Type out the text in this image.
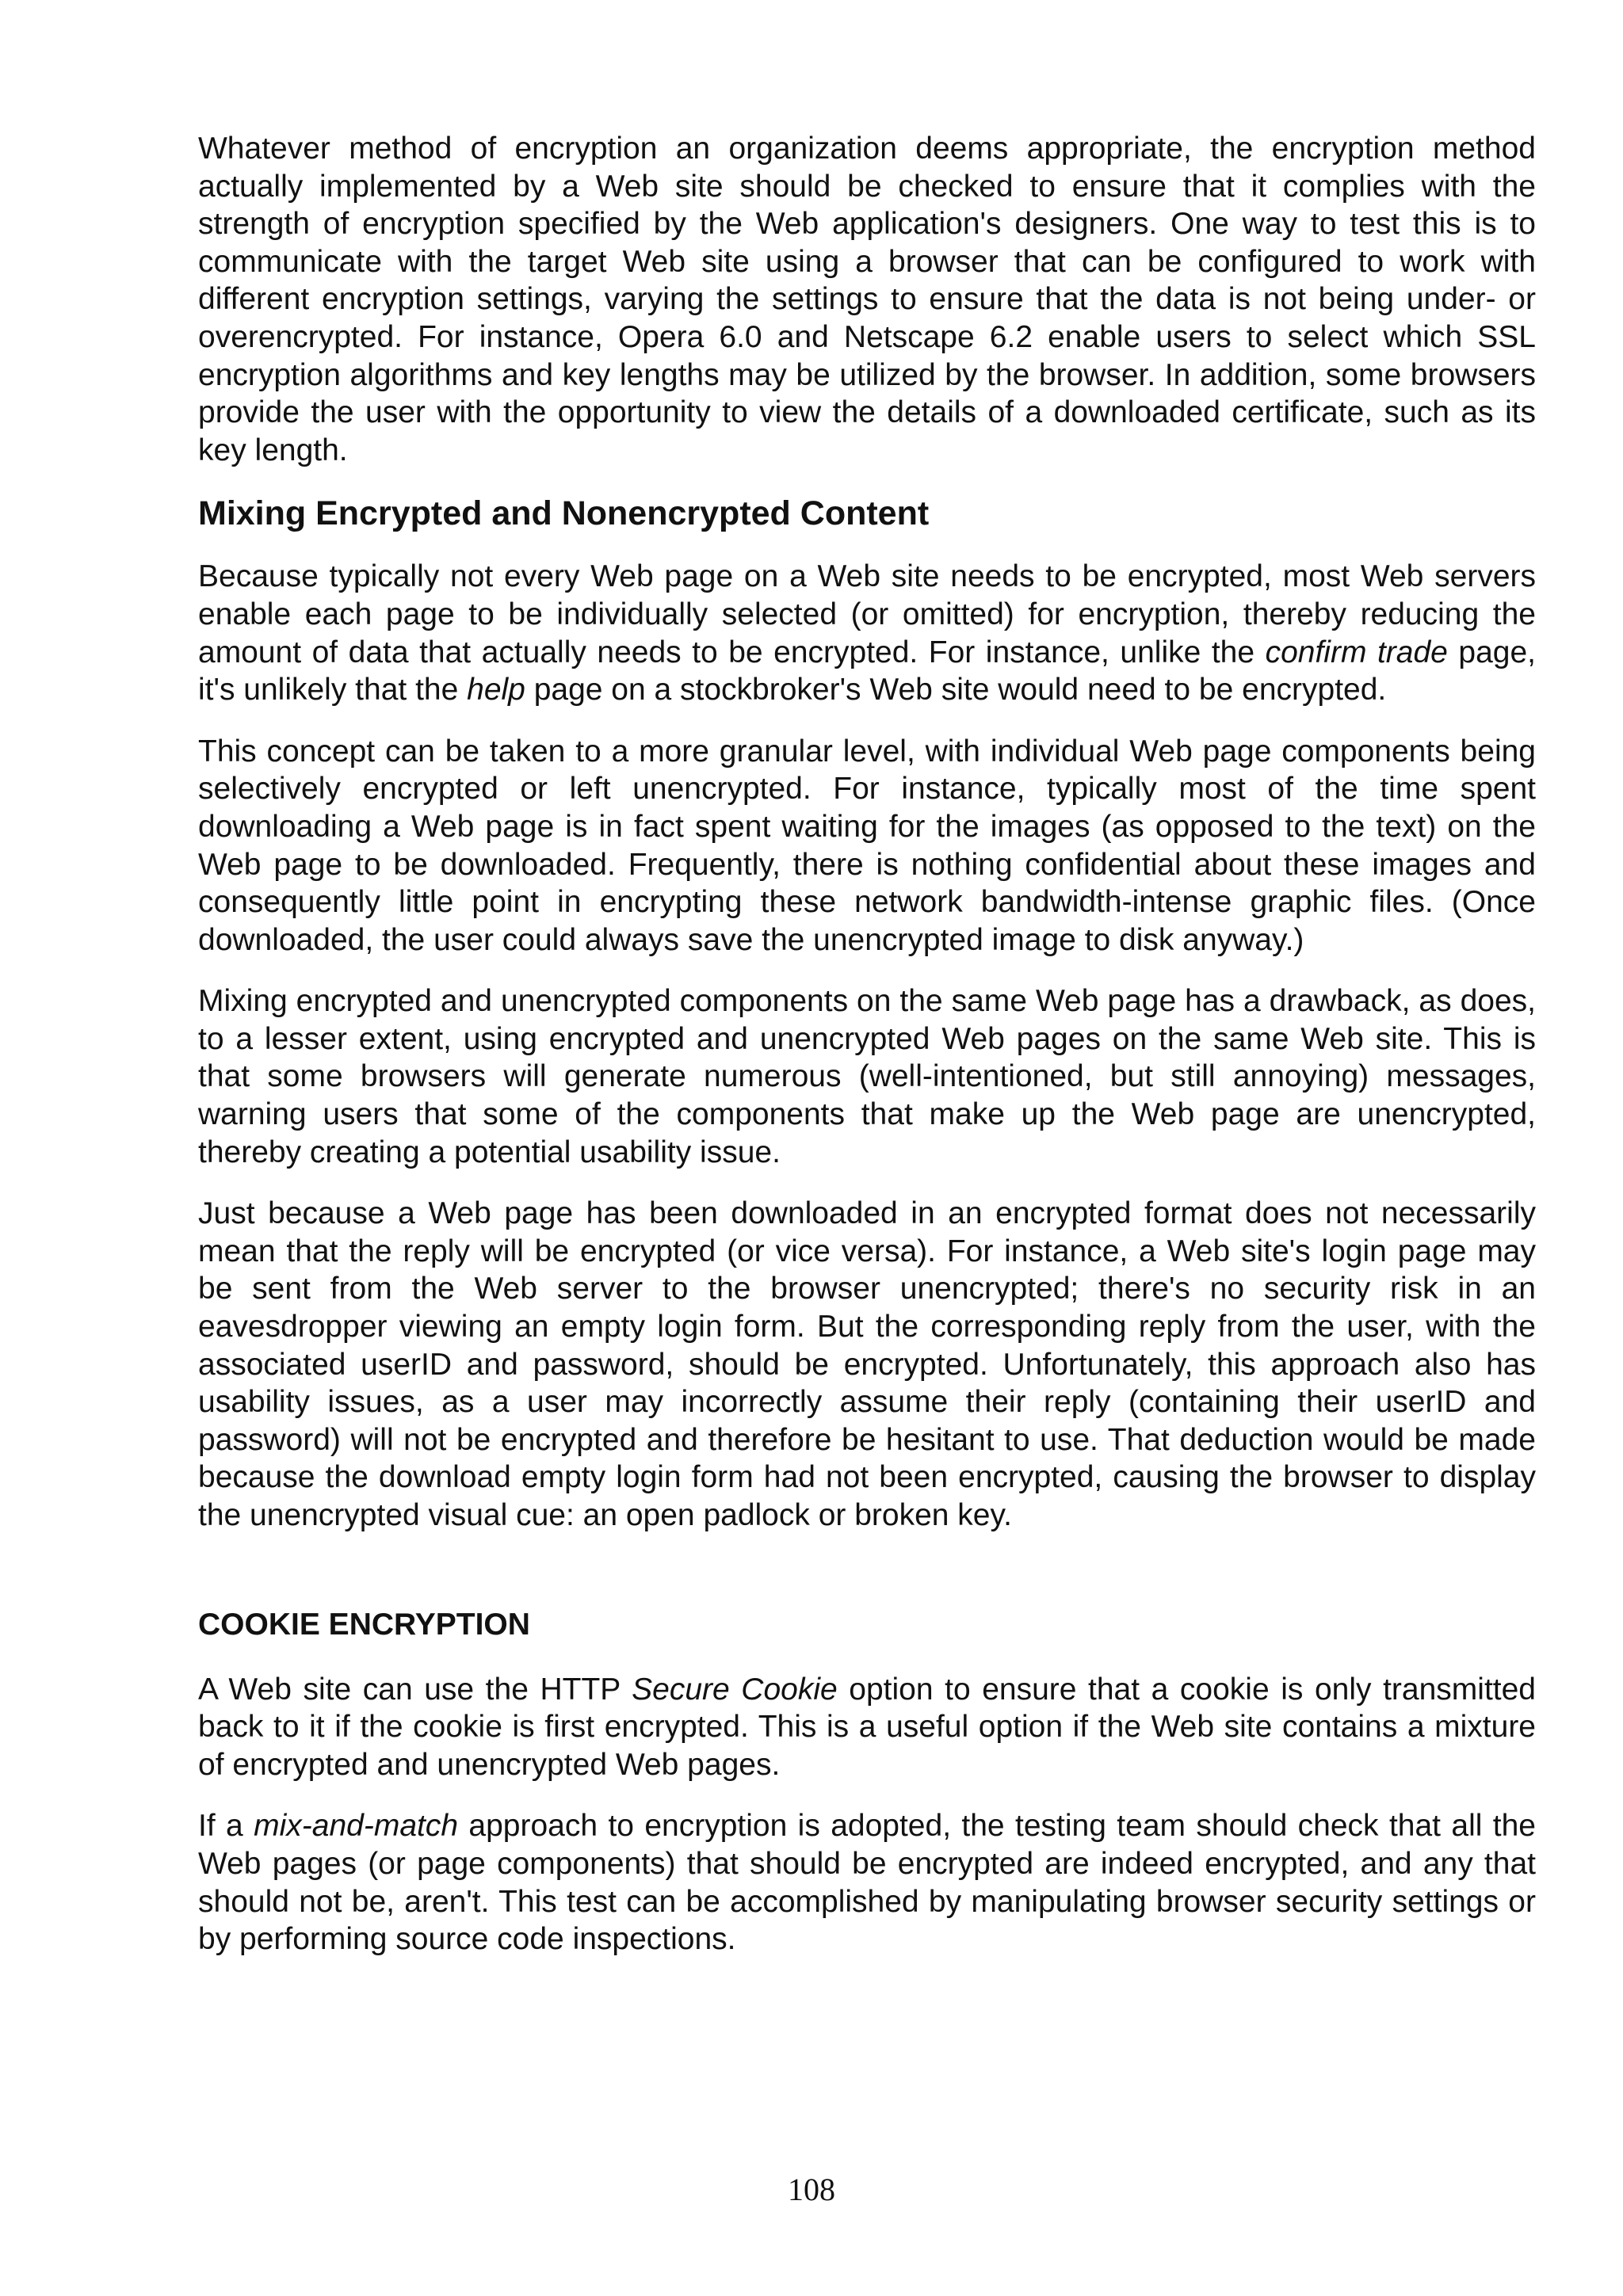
Whatever method of encryption an organization deems appropriate, the encryption method actually implemented by a Web site should be checked to ensure that it complies with the strength of encryption specified by the Web application's designers. One way to test this is to communicate with the target Web site using a browser that can be configured to work with different encryption settings, varying the settings to ensure that the data is not being under- or overencrypted. For instance, Opera 6.0 and Netscape 6.2 enable users to select which SSL encryption algorithms and key lengths may be utilized by the browser. In addition, some browsers provide the user with the opportunity to view the details of a downloaded certificate, such as its key length.

Mixing Encrypted and Nonencrypted Content

Because typically not every Web page on a Web site needs to be encrypted, most Web servers enable each page to be individually selected (or omitted) for encryption, thereby reducing the amount of data that actually needs to be encrypted. For instance, unlike the confirm trade page, it's unlikely that the help page on a stockbroker's Web site would need to be encrypted.

This concept can be taken to a more granular level, with individual Web page components being selectively encrypted or left unencrypted. For instance, typically most of the time spent downloading a Web page is in fact spent waiting for the images (as opposed to the text) on the Web page to be downloaded. Frequently, there is nothing confidential about these images and consequently little point in encrypting these network bandwidth-intense graphic files. (Once downloaded, the user could always save the unencrypted image to disk anyway.)

Mixing encrypted and unencrypted components on the same Web page has a drawback, as does, to a lesser extent, using encrypted and unencrypted Web pages on the same Web site. This is that some browsers will generate numerous (well-intentioned, but still annoying) messages, warning users that some of the components that make up the Web page are unencrypted, thereby creating a potential usability issue.

Just because a Web page has been downloaded in an encrypted format does not necessarily mean that the reply will be encrypted (or vice versa). For instance, a Web site's login page may be sent from the Web server to the browser unencrypted; there's no security risk in an eavesdropper viewing an empty login form. But the corresponding reply from the user, with the associated userID and password, should be encrypted. Unfortunately, this approach also has usability issues, as a user may incorrectly assume their reply (containing their userID and password) will not be encrypted and therefore be hesitant to use. That deduction would be made because the download empty login form had not been encrypted, causing the browser to display the unencrypted visual cue: an open padlock or broken key.

COOKIE ENCRYPTION

A Web site can use the HTTP Secure Cookie option to ensure that a cookie is only transmitted back to it if the cookie is first encrypted. This is a useful option if the Web site contains a mixture of encrypted and unencrypted Web pages.

If a mix-and-match approach to encryption is adopted, the testing team should check that all the Web pages (or page components) that should be encrypted are indeed encrypted, and any that should not be, aren't. This test can be accomplished by manipulating browser security settings or by performing source code inspections.

108
